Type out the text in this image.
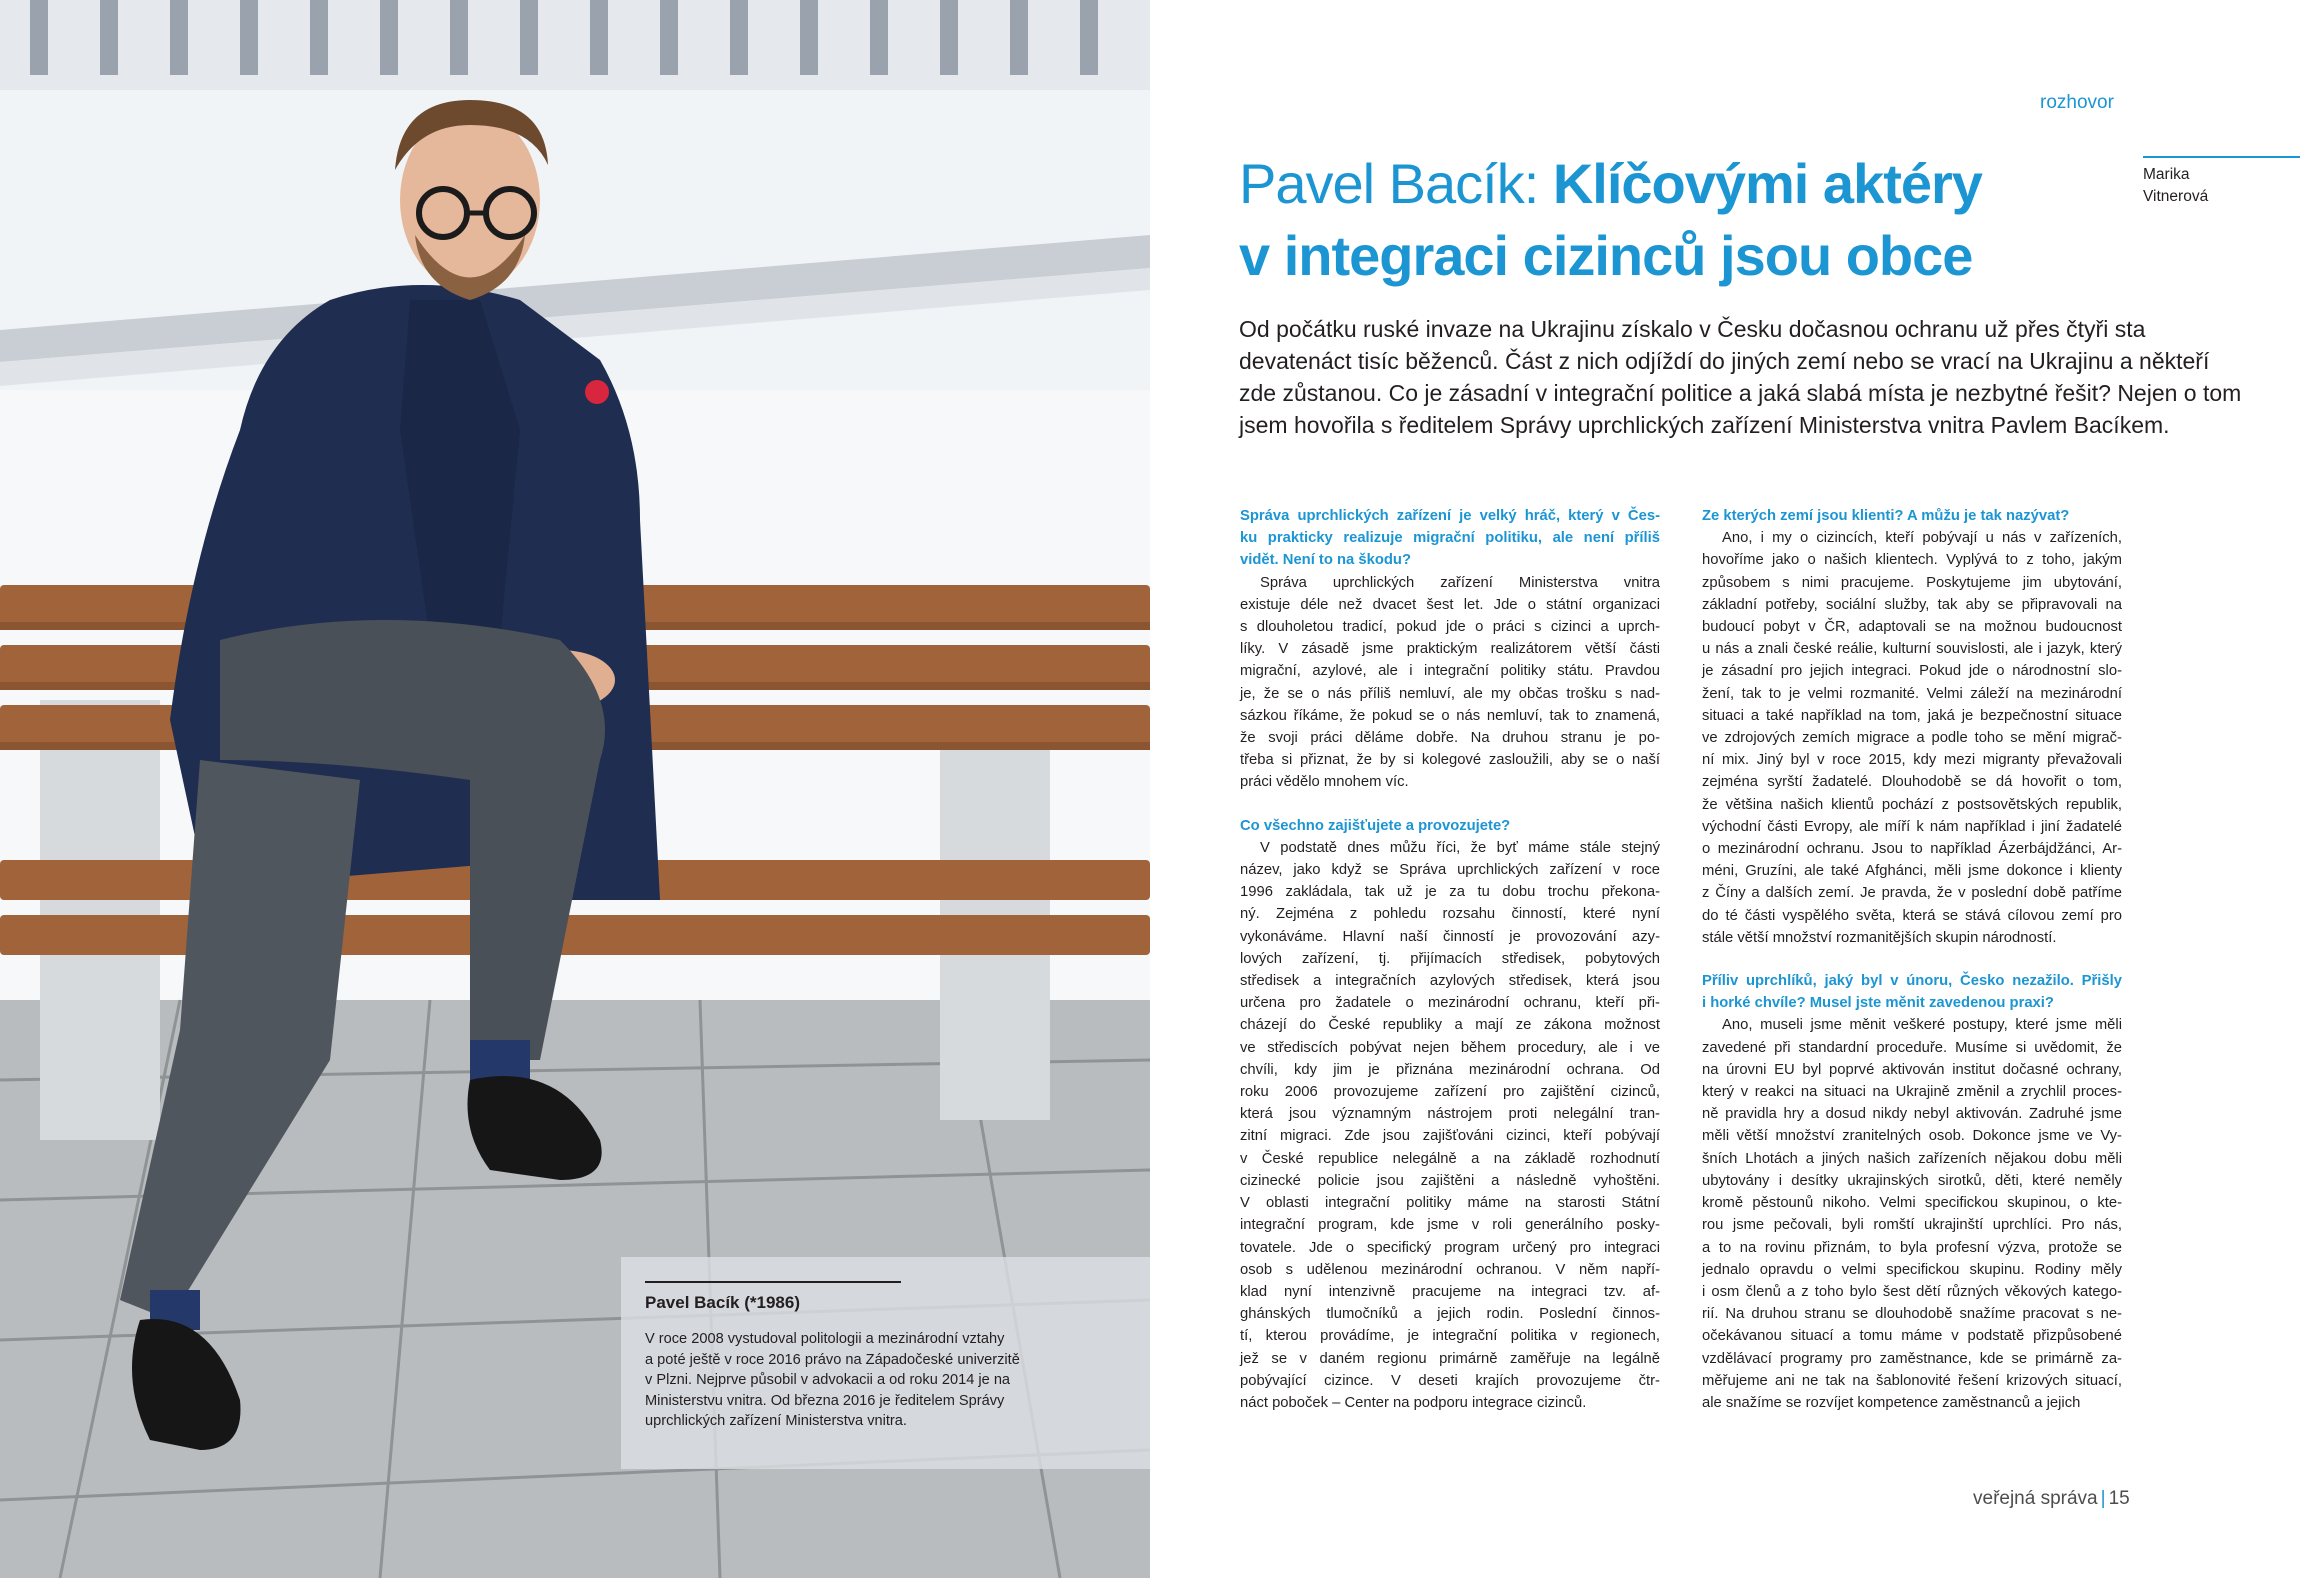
Pavel Bacík (*1986)
V roce 2008 vystudoval politologii a mezinárodní vztahy
a poté ještě v roce 2016 právo na Západočeské univerzitě
v Plzni. Nejprve působil v advokacii a od roku 2014 je na
Ministerstvu vnitra. Od března 2016 je ředitelem Správy
uprchlických zařízení Ministerstva vnitra.
rozhovor
Marika
Vitnerová
Pavel Bacík: Klíčovými aktéry
v integraci cizinců jsou obce
Od počátku ruské invaze na Ukrajinu získalo v Česku dočasnou ochranu už přes čtyři sta
devatenáct tisíc běženců. Část z nich odjíždí do jiných zemí nebo se vrací na Ukrajinu a někteří
zde zůstanou. Co je zásadní v integrační politice a jaká slabá místa je nezbytné řešit? Nejen o tom
jsem hovořila s ředitelem Správy uprchlických zařízení Ministerstva vnitra Pavlem Bacíkem.
Správa uprchlických zařízení je velký hráč, který v Čes-
ku prakticky realizuje migrační politiku, ale není příliš
vidět. Není to na škodu?
Správa uprchlických zařízení Ministerstva vnitra
existuje déle než dvacet šest let. Jde o státní organizaci
s dlouholetou tradicí, pokud jde o práci s cizinci a uprch-
líky. V zásadě jsme praktickým realizátorem větší části
migrační, azylové, ale i integrační politiky státu. Pravdou
je, že se o nás příliš nemluví, ale my občas trošku s nad-
sázkou říkáme, že pokud se o nás nemluví, tak to znamená,
že svoji práci děláme dobře. Na druhou stranu je po-
třeba si přiznat, že by si kolegové zasloužili, aby se o naší
práci vědělo mnohem víc.
Co všechno zajišťujete a provozujete?
V podstatě dnes můžu říci, že byť máme stále stejný
název, jako když se Správa uprchlických zařízení v roce
1996 zakládala, tak už je za tu dobu trochu překona-
ný. Zejména z pohledu rozsahu činností, které nyní
vykonáváme. Hlavní naší činností je provozování azy-
lových zařízení, tj. přijímacích středisek, pobytových
středisek a integračních azylových středisek, která jsou
určena pro žadatele o mezinárodní ochranu, kteří při-
cházejí do České republiky a mají ze zákona možnost
ve střediscích pobývat nejen během procedury, ale i ve
chvíli, kdy jim je přiznána mezinárodní ochrana. Od
roku 2006 provozujeme zařízení pro zajištění cizinců,
která jsou významným nástrojem proti nelegální tran-
zitní migraci. Zde jsou zajišťováni cizinci, kteří pobývají
v České republice nelegálně a na základě rozhodnutí
cizinecké policie jsou zajištěni a následně vyhoštěni.
V oblasti integrační politiky máme na starosti Státní
integrační program, kde jsme v roli generálního posky-
tovatele. Jde o specifický program určený pro integraci
osob s udělenou mezinárodní ochranou. V něm napří-
klad nyní intenzivně pracujeme na integraci tzv. af-
ghánských tlumočníků a jejich rodin. Poslední činnos-
tí, kterou provádíme, je integrační politika v regionech,
jež se v daném regionu primárně zaměřuje na legálně
pobývající cizince. V deseti krajích provozujeme čtr-
náct poboček – Center na podporu integrace cizinců.
Ze kterých zemí jsou klienti? A můžu je tak nazývat?
Ano, i my o cizincích, kteří pobývají u nás v zařízeních,
hovoříme jako o našich klientech. Vyplývá to z toho, jakým
způsobem s nimi pracujeme. Poskytujeme jim ubytování,
základní potřeby, sociální služby, tak aby se připravovali na
budoucí pobyt v ČR, adaptovali se na možnou budoucnost
u nás a znali české reálie, kulturní souvislosti, ale i jazyk, který
je zásadní pro jejich integraci. Pokud jde o národnostní slo-
žení, tak to je velmi rozmanité. Velmi záleží na mezinárodní
situaci a také například na tom, jaká je bezpečnostní situace
ve zdrojových zemích migrace a podle toho se mění migrač-
ní mix. Jiný byl v roce 2015, kdy mezi migranty převažovali
zejména syrští žadatelé. Dlouhodobě se dá hovořit o tom,
že většina našich klientů pochází z postsovětských republik,
východní části Evropy, ale míří k nám například i jiní žadatelé
o mezinárodní ochranu. Jsou to například Ázerbájdžánci, Ar-
méni, Gruzíni, ale také Afghánci, měli jsme dokonce i klienty
z Číny a dalších zemí. Je pravda, že v poslední době patříme
do té části vyspělého světa, která se stává cílovou zemí pro
stále větší množství rozmanitějších skupin národností.
Příliv uprchlíků, jaký byl v únoru, Česko nezažilo. Přišly
i horké chvíle? Musel jste měnit zavedenou praxi?
Ano, museli jsme měnit veškeré postupy, které jsme měli
zavedené při standardní proceduře. Musíme si uvědomit, že
na úrovni EU byl poprvé aktivován institut dočasné ochrany,
který v reakci na situaci na Ukrajině změnil a zrychlil proces-
ně pravidla hry a dosud nikdy nebyl aktivován. Zadruhé jsme
měli větší množství zranitelných osob. Dokonce jsme ve Vy-
šních Lhotách a jiných našich zařízeních nějakou dobu měli
ubytovány i desítky ukrajinských sirotků, děti, které neměly
kromě pěstounů nikoho. Velmi specifickou skupinou, o kte-
rou jsme pečovali, byli romští ukrajinští uprchlíci. Pro nás,
a to na rovinu přiznám, to byla profesní výzva, protože se
jednalo opravdu o velmi specifickou skupinu. Rodiny měly
i osm členů a z toho bylo šest dětí různých věkových katego-
rií. Na druhou stranu se dlouhodobě snažíme pracovat s ne-
očekávanou situací a tomu máme v podstatě přizpůsobené
vzdělávací programy pro zaměstnance, kde se primárně za-
měřujeme ani ne tak na šablonovité řešení krizových situací,
ale snažíme se rozvíjet kompetence zaměstnanců a jejich
veřejná správa | 15
